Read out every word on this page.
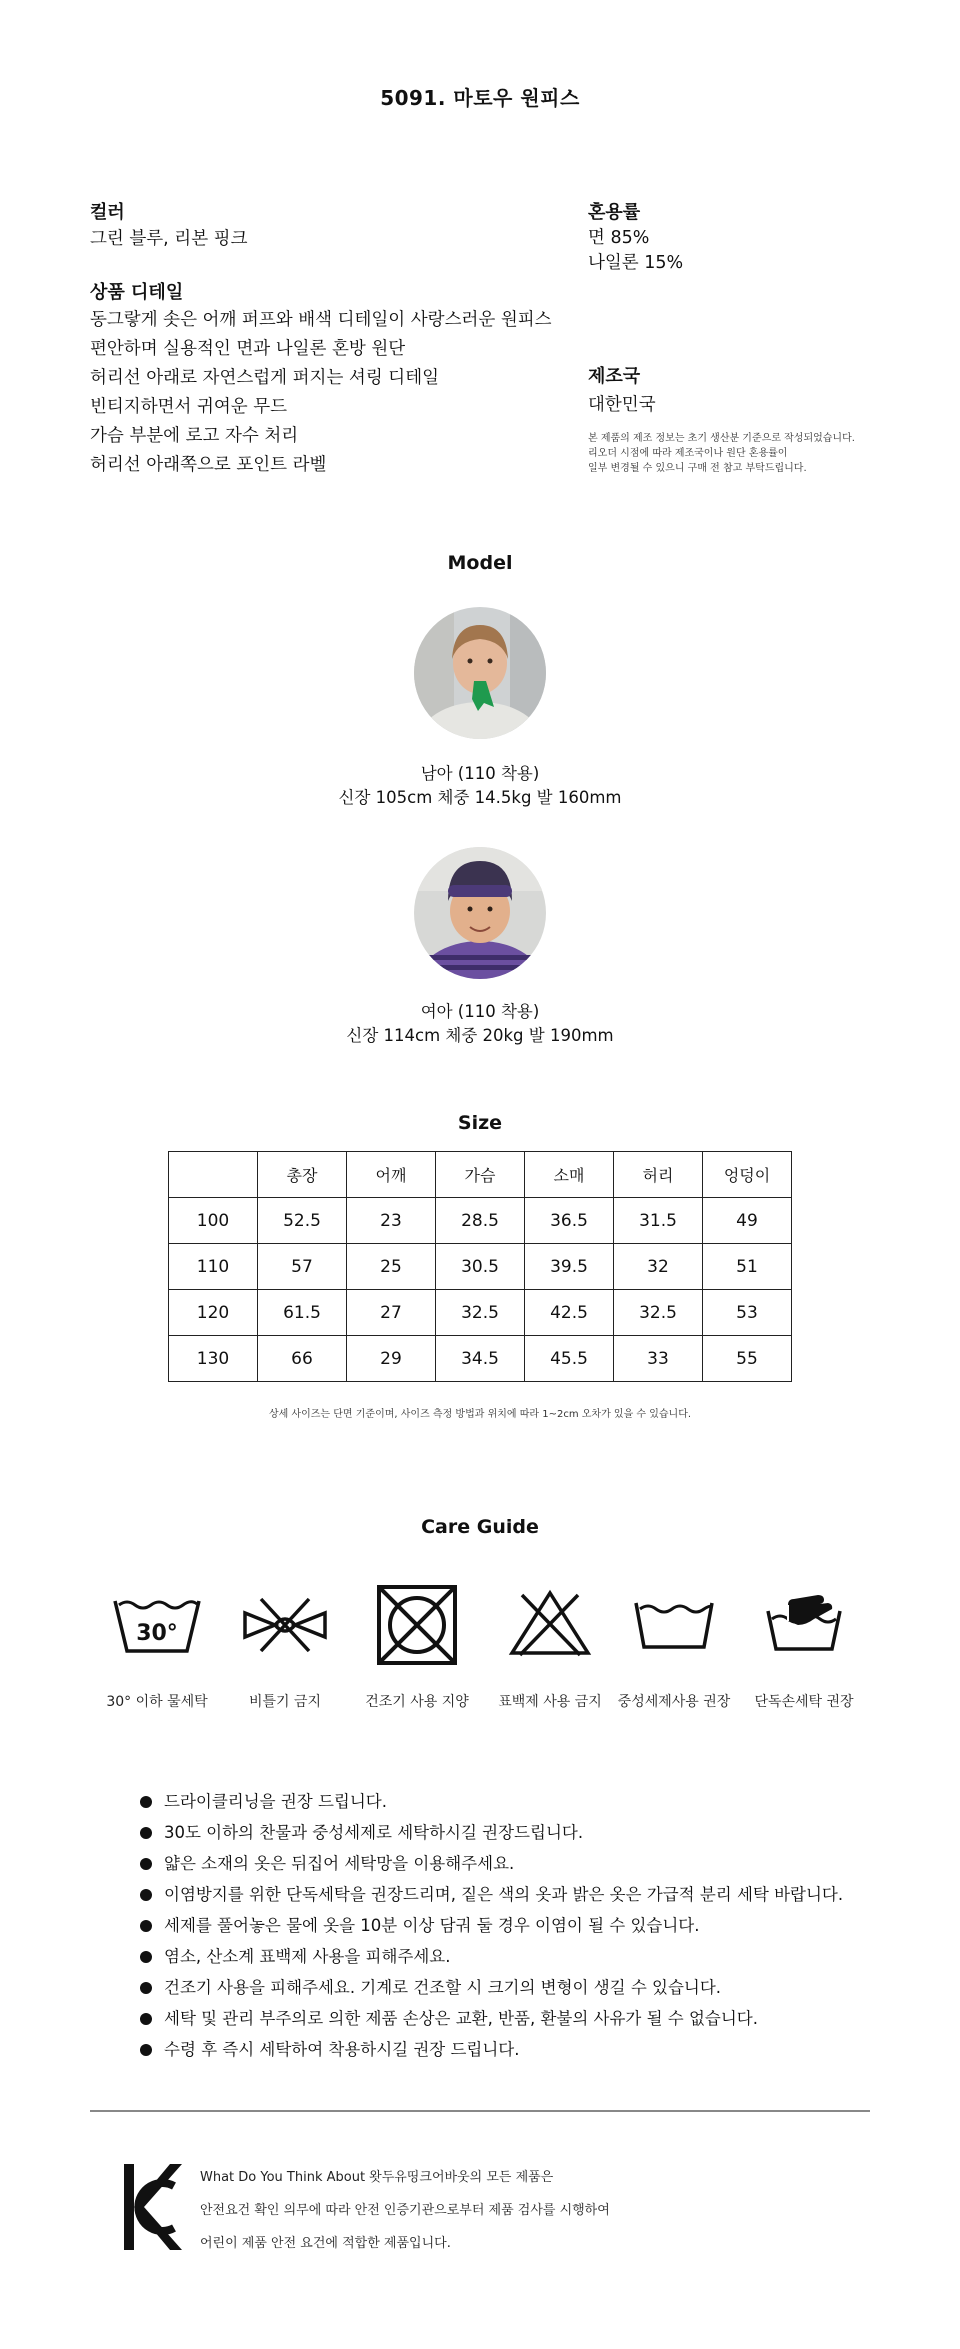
5091. 마토우 원피스
컬러
그린 블루, 리본 핑크
상품 디테일
동그랗게 솟은 어깨 퍼프와 배색 디테일이 사랑스러운 원피스
편안하며 실용적인 면과 나일론 혼방 원단
허리선 아래로 자연스럽게 퍼지는 셔링 디테일
빈티지하면서 귀여운 무드
가슴 부분에 로고 자수 처리
허리선 아래쪽으로 포인트 라벨
혼용률
면 85%
나일론 15%
제조국
대한민국
본 제품의 제조 정보는 초기 생산분 기준으로 작성되었습니다.
리오더 시점에 따라 제조국이나 원단 혼용률이
일부 변경될 수 있으니 구매 전 참고 부탁드립니다.
Model
남아 (110 착용)
신장 105cm 체중 14.5kg 발 160mm
여아 (110 착용)
신장 114cm 체중 20kg 발 190mm
Size
	총장	어깨	가슴	소매	허리	엉덩이
100	52.5	23	28.5	36.5	31.5	49
110	57	25	30.5	39.5	32	51
120	61.5	27	32.5	42.5	32.5	53
130	66	29	34.5	45.5	33	55
상세 사이즈는 단면 기준이며, 사이즈 측정 방법과 위치에 따라 1~2cm 오차가 있을 수 있습니다.
Care Guide
30°
30° 이하 물세탁	비틀기 금지	건조기 사용 지양	표백제 사용 금지	중성세제사용 권장	단독손세탁 권장
드라이클리닝을 권장 드립니다.
30도 이하의 찬물과 중성세제로 세탁하시길 권장드립니다.
얇은 소재의 옷은 뒤집어 세탁망을 이용해주세요.
이염방지를 위한 단독세탁을 권장드리며, 짙은 색의 옷과 밝은 옷은 가급적 분리 세탁 바랍니다.
세제를 풀어놓은 물에 옷을 10분 이상 담궈 둘 경우 이염이 될 수 있습니다.
염소, 산소계 표백제 사용을 피해주세요.
건조기 사용을 피해주세요. 기계로 건조할 시 크기의 변형이 생길 수 있습니다.
세탁 및 관리 부주의로 의한 제품 손상은 교환, 반품, 환불의 사유가 될 수 없습니다.
수령 후 즉시 세탁하여 착용하시길 권장 드립니다.
What Do You Think About 왓두유띵크어바웃의 모든 제품은
안전요건 확인 의무에 따라 안전 인증기관으로부터 제품 검사를 시행하여
어린이 제품 안전 요건에 적합한 제품입니다.
